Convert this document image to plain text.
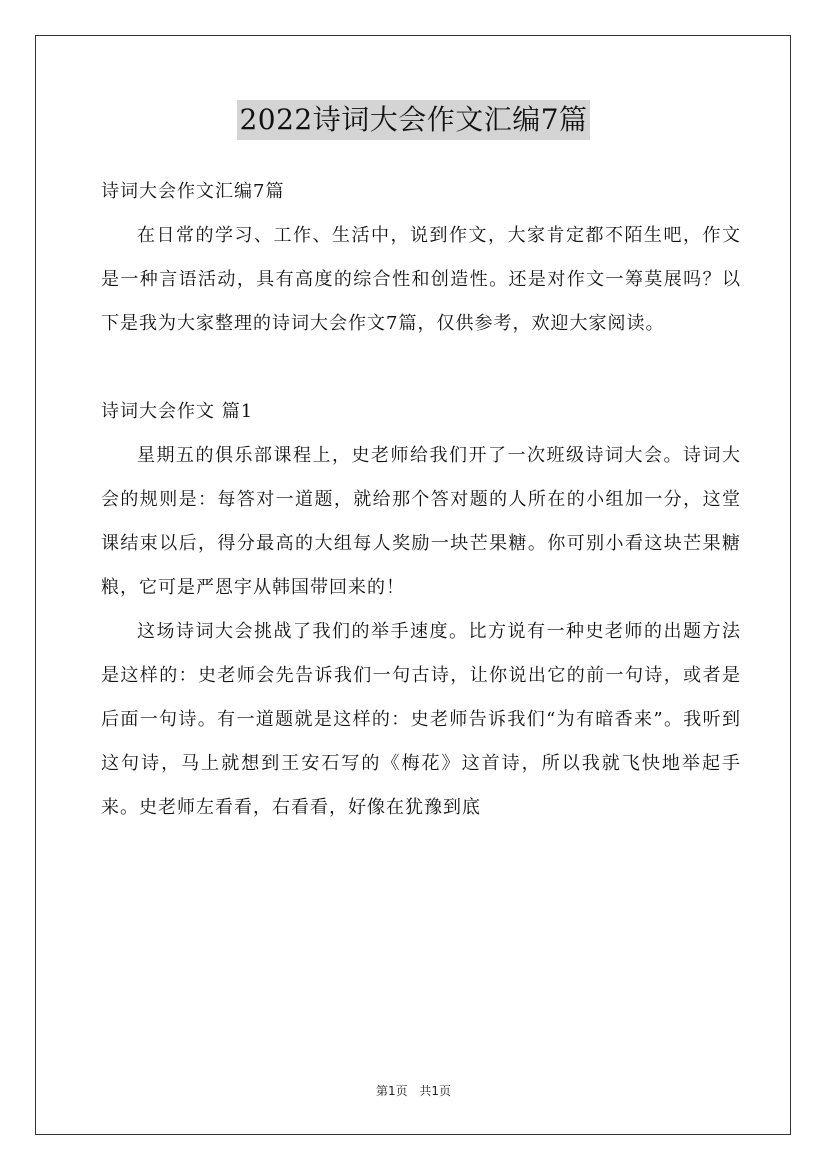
2022诗词大会作文汇编7篇

诗词大会作文汇编7篇

在日常的学习、工作、生活中，说到作文，大家肯定都不陌生吧，作文是一种言语活动，具有高度的综合性和创造性。还是对作文一筹莫展吗？以下是我为大家整理的诗词大会作文7篇，仅供参考，欢迎大家阅读。

诗词大会作文 篇1

星期五的俱乐部课程上，史老师给我们开了一次班级诗词大会。诗词大会的规则是：每答对一道题，就给那个答对题的人所在的小组加一分，这堂课结束以后，得分最高的大组每人奖励一块芒果糖。你可别小看这块芒果糖粮，它可是严恩宇从韩国带回来的！

这场诗词大会挑战了我们的举手速度。比方说有一种史老师的出题方法是这样的：史老师会先告诉我们一句古诗，让你说出它的前一句诗，或者是后面一句诗。有一道题就是这样的：史老师告诉我们“为有暗香来”。我听到这句诗，马上就想到王安石写的《梅花》这首诗，所以我就飞快地举起手来。史老师左看看，右看看，好像在犹豫到底

第1页 共1页
